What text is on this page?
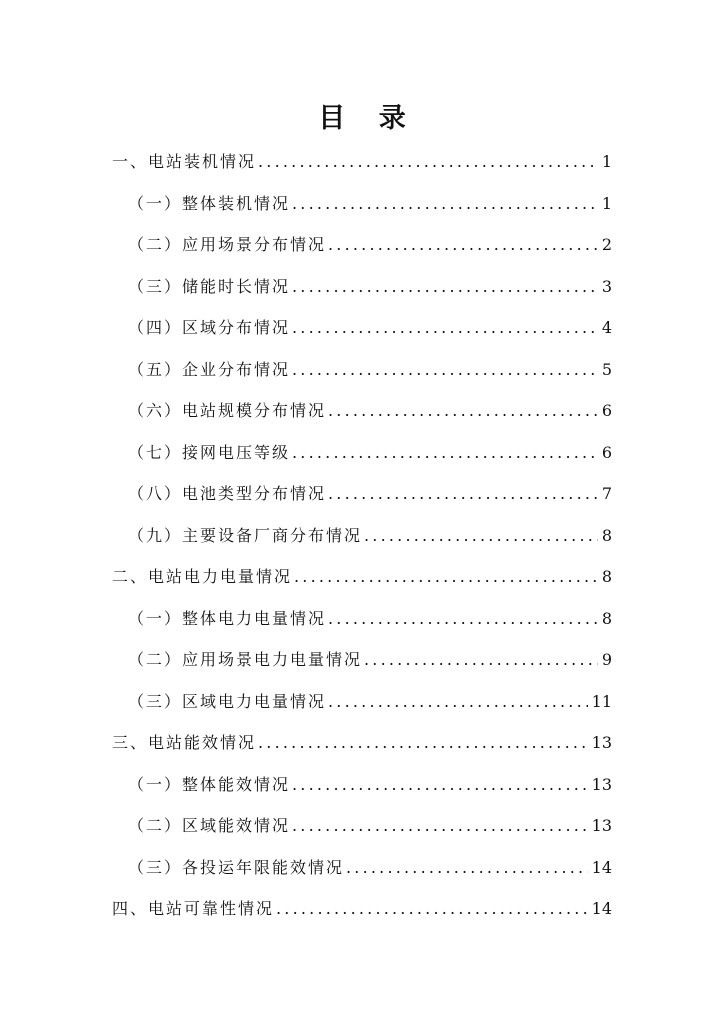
目 录
一、电站装机情况 .....	1
（一）整体装机情况 .....	1
（二）应用场景分布情况 .....	2
（三）储能时长情况 .....	3
（四）区域分布情况 .....	4
（五）企业分布情况 .....	5
（六）电站规模分布情况 .....	6
（七）接网电压等级 .....	6
（八）电池类型分布情况 .....	7
（九）主要设备厂商分布情况 .....	8
二、电站电力电量情况 .....	8
（一）整体电力电量情况 .....	8
（二）应用场景电力电量情况 .....	9
（三）区域电力电量情况 .....	11
三、电站能效情况 .....	13
（一）整体能效情况 .....	13
（二）区域能效情况 .....	13
（三）各投运年限能效情况 .....	14
四、电站可靠性情况 .....	14
